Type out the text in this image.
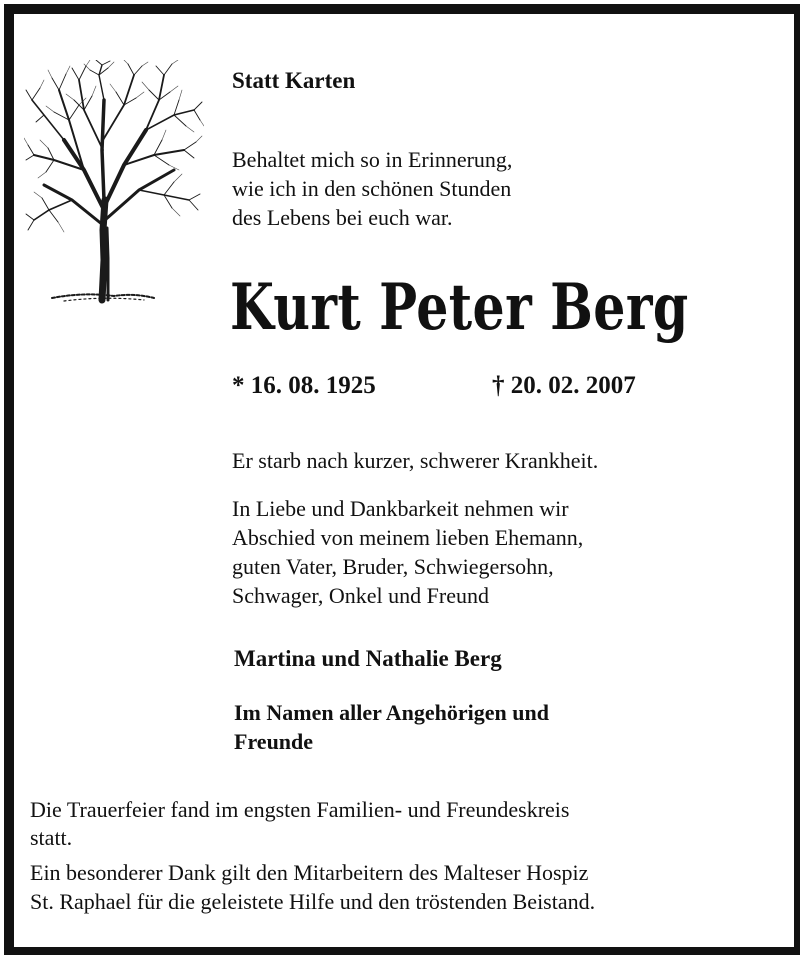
Statt Karten

Behaltet mich so in Erinnerung,
wie ich in den schönen Stunden
des Lebens bei euch war.

Kurt Peter Berg

* 16. 08. 1925	† 20. 02. 2007

Er starb nach kurzer, schwerer Krankheit.

In Liebe und Dankbarkeit nehmen wir
Abschied von meinem lieben Ehemann,
guten Vater, Bruder, Schwiegersohn,
Schwager, Onkel und Freund

Martina und Nathalie Berg

Im Namen aller Angehörigen und
Freunde
Die Trauerfeier fand im engsten Familien- und Freundeskreis
statt.
Ein besonderer Dank gilt den Mitarbeitern des Malteser Hospiz
St. Raphael für die geleistete Hilfe und den tröstenden Beistand.
